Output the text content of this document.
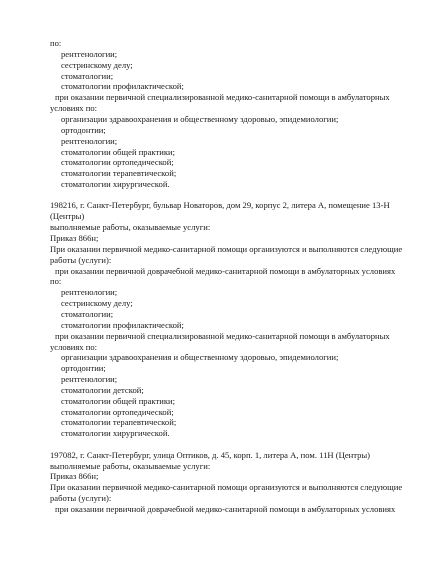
по:
рентгенологии;
сестринскому делу;
стоматологии;
стоматологии профилактической;
при оказании первичной специализированной медико-санитарной помощи в амбулаторных
условиях по:
организации здравоохранения и общественному здоровью, эпидемиологии;
ортодонтии;
рентгенологии;
стоматологии общей практики;
стоматологии ортопедической;
стоматологии терапевтической;
стоматологии хирургической.
198216, г. Санкт-Петербург, бульвар Новаторов, дом 29, корпус 2, литера А, помещение 13-Н
(Центры)
выполняемые работы, оказываемые услуги:
Приказ 866н;
При оказании первичной медико-санитарной помощи организуются и выполняются следующие
работы (услуги):
при оказании первичной доврачебной медико-санитарной помощи в амбулаторных условиях
по:
рентгенологии;
сестринскому делу;
стоматологии;
стоматологии профилактической;
при оказании первичной специализированной медико-санитарной помощи в амбулаторных
условиях по:
организации здравоохранения и общественному здоровью, эпидемиологии;
ортодонтии;
рентгенологии;
стоматологии детской;
стоматологии общей практики;
стоматологии ортопедической;
стоматологии терапевтической;
стоматологии хирургической.
197082, г. Санкт-Петербург, улица Оптиков, д. 45, корп. 1, литера А, пом. 11Н (Центры)
выполняемые работы, оказываемые услуги:
Приказ 866н;
При оказании первичной медико-санитарной помощи организуются и выполняются следующие
работы (услуги):
при оказании первичной доврачебной медико-санитарной помощи в амбулаторных условиях
